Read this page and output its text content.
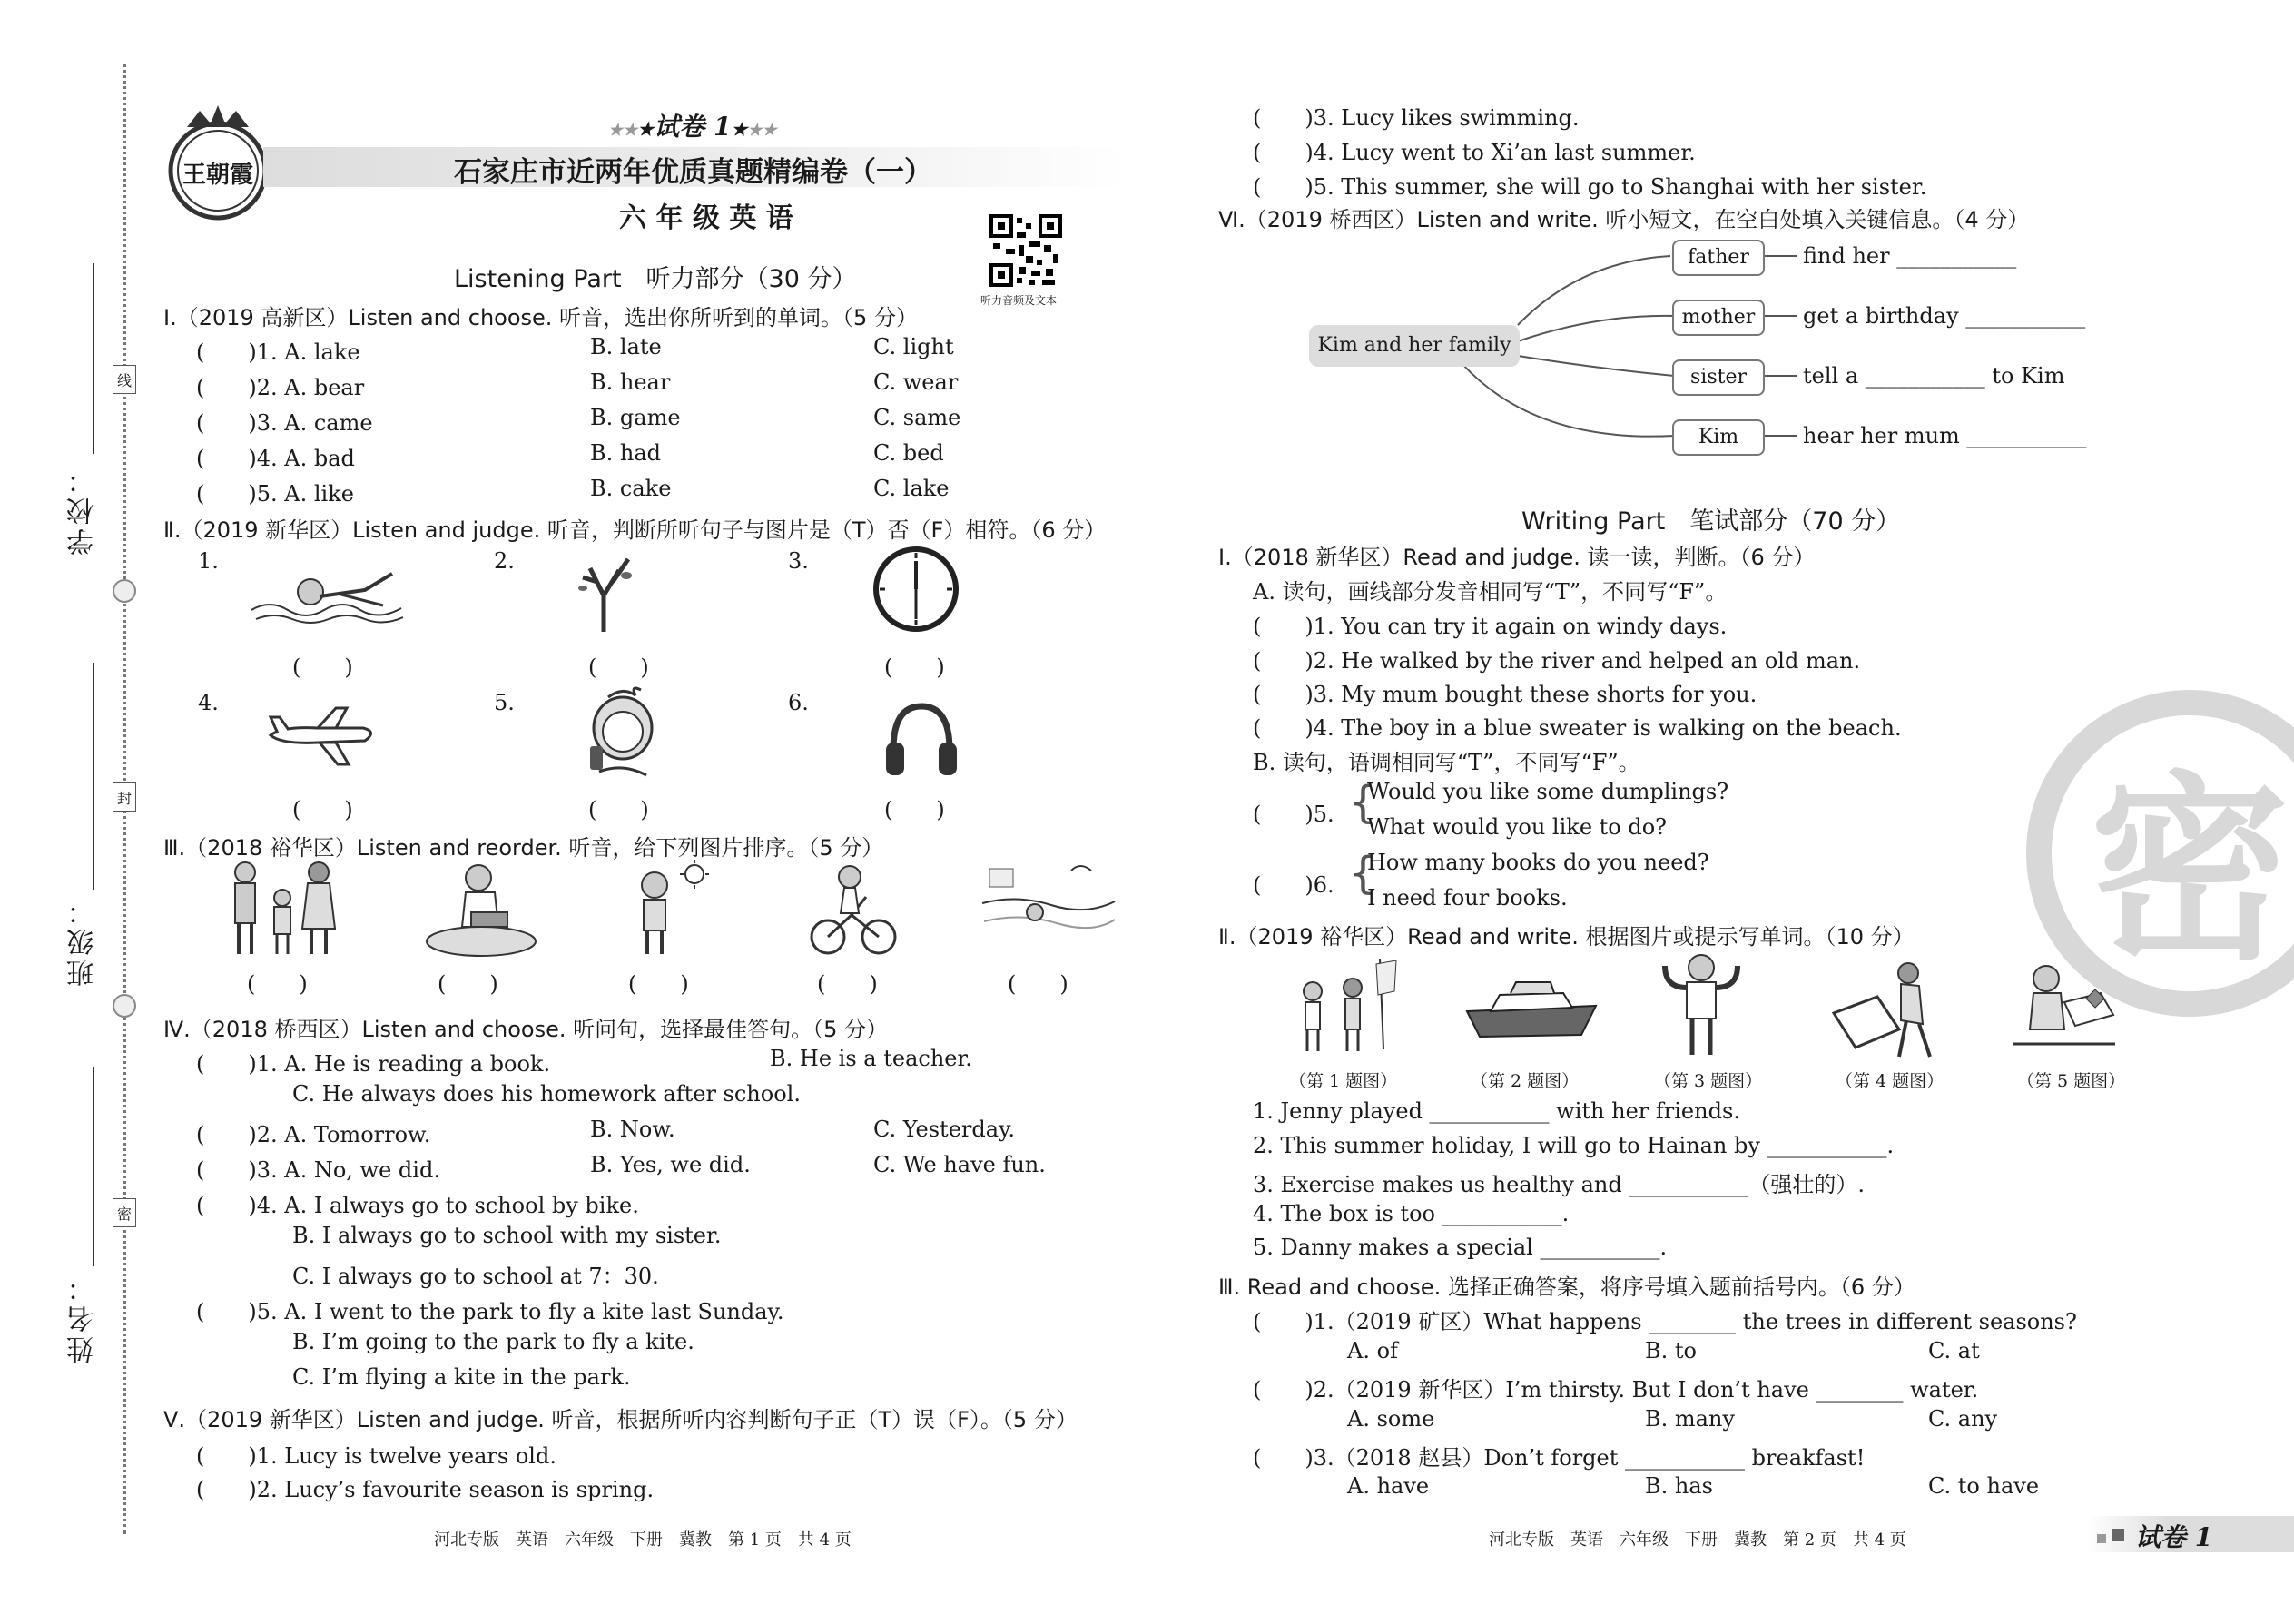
学校：
班级：
姓名：
线
封
密
王朝霞
★★★试卷 1★★★
石家庄市近两年优质真题精编卷（一）
六 年 级 英 语
听力音频及文本
Listening Part　听力部分（30 分）
Ⅰ.（2019 高新区）Listen and choose. 听音，选出你所听到的单词。（5 分）
(　　)1. A. lake	B. late	C. light
(　　)2. A. bear	B. hear	C. wear
(　　)3. A. came	B. game	C. same
(　　)4. A. bad	B. had	C. bed
(　　)5. A. like	B. cake	C. lake
Ⅱ.（2019 新华区）Listen and judge. 听音，判断所听句子与图片是（T）否（F）相符。（6 分）
1.	2.	3.
4.	5.	6.
(　　)	(　　)	(　　)
(　　)	(　　)	(　　)
Ⅲ.（2018 裕华区）Listen and reorder. 听音，给下列图片排序。（5 分）
(　　)	(　　)	(　　)	(　　)	(　　)
Ⅳ.（2018 桥西区）Listen and choose. 听问句，选择最佳答句。（5 分）
(　　)1. A. He is reading a book.	B. He is a teacher.
C. He always does his homework after school.
(　　)2. A. Tomorrow.	B. Now.	C. Yesterday.
(　　)3. A. No, we did.	B. Yes, we did.	C. We have fun.
(　　)4. A. I always go to school by bike.
B. I always go to school with my sister.
C. I always go to school at 7：30.
(　　)5. A. I went to the park to fly a kite last Sunday.
B. I’m going to the park to fly a kite.
C. I’m flying a kite in the park.
Ⅴ.（2019 新华区）Listen and judge. 听音，根据所听内容判断句子正（T）误（F）。（5 分）
(　　)1. Lucy is twelve years old.
(　　)2. Lucy’s favourite season is spring.
河北专版　英语　六年级　下册　冀教　第 1 页　共 4 页
(　　)3. Lucy likes swimming.
(　　)4. Lucy went to Xi’an last summer.
(　　)5. This summer, she will go to Shanghai with her sister.
Ⅵ.（2019 桥西区）Listen and write. 听小短文，在空白处填入关键信息。（4 分）
Kim and her family
father
mother
sister
Kim
find her ___________
get a birthday ___________
tell a ___________ to Kim
hear her mum ___________
Writing Part　笔试部分（70 分）
Ⅰ.（2018 新华区）Read and judge. 读一读，判断。（6 分）
A. 读句，画线部分发音相同写“T”，不同写“F”。
(　　)1. You can try it again on windy days.
(　　)2. He walked by the river and helped an old man.
(　　)3. My mum bought these shorts for you.
(　　)4. The boy in a blue sweater is walking on the beach.
B. 读句，语调相同写“T”，不同写“F”。
(　　)5. {
Would you like some dumplings?
What would you like to do?
(　　)6. {
How many books do you need?
I need four books.
Ⅱ.（2019 裕华区）Read and write. 根据图片或提示写单词。（10 分）
（第 1 题图）	（第 2 题图）	（第 3 题图）	（第 4 题图）	（第 5 题图）
1. Jenny played ___________ with her friends.
2. This summer holiday, I will go to Hainan by ___________.
3. Exercise makes us healthy and ___________（强壮的）.
4. The box is too ___________.
5. Danny makes a special ___________.
Ⅲ. Read and choose. 选择正确答案，将序号填入题前括号内。（6 分）
(　　)1.（2019 矿区）What happens ________ the trees in different seasons?
A. of	B. to	C. at
(　　)2.（2019 新华区）I’m thirsty. But I don’t have ________ water.
A. some	B. many	C. any
(　　)3.（2018 赵县）Don’t forget ___________ breakfast!
A. have	B. has	C. to have
密
河北专版　英语　六年级　下册　冀教　第 2 页　共 4 页	试卷 1
